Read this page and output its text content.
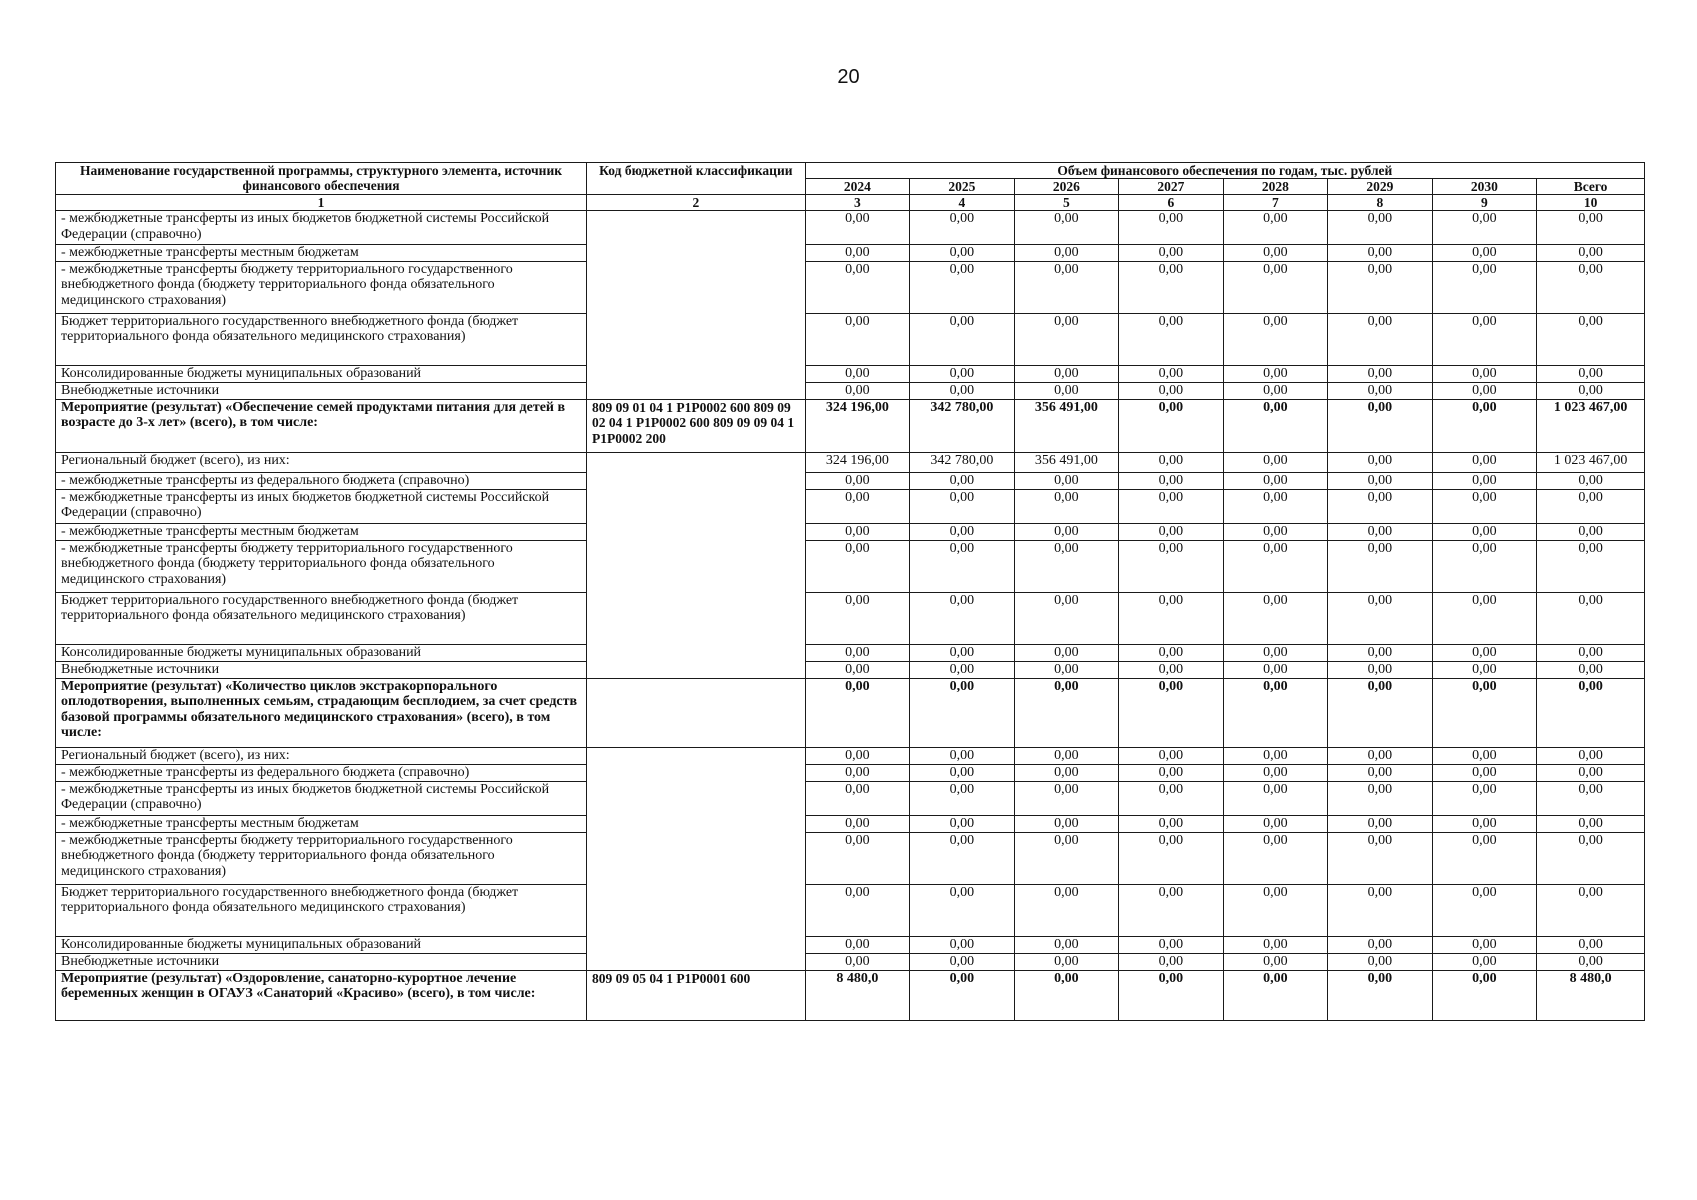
20
Наименование государственной программы, структурного элемента, источник финансового обеспечения	Код бюджетной классификации	Объем финансового обеспечения по годам, тыс. рублей							
		2024	2025	2026	2027	2028	2029	2030	Всего
1	2	3	4	5	6	7	8	9	10
- межбюджетные трансферты из иных бюджетов бюджетной системы Российской Федерации (справочно)		0,00	0,00	0,00	0,00	0,00	0,00	0,00	0,00
- межбюджетные трансферты местным бюджетам		0,00	0,00	0,00	0,00	0,00	0,00	0,00	0,00
- межбюджетные трансферты бюджету территориального государственного внебюджетного фонда (бюджету территориального фонда обязательного медицинского страхования)		0,00	0,00	0,00	0,00	0,00	0,00	0,00	0,00
Бюджет территориального государственного внебюджетного фонда (бюджет территориального фонда обязательного медицинского страхования)		0,00	0,00	0,00	0,00	0,00	0,00	0,00	0,00
Консолидированные бюджеты муниципальных образований		0,00	0,00	0,00	0,00	0,00	0,00	0,00	0,00
Внебюджетные источники		0,00	0,00	0,00	0,00	0,00	0,00	0,00	0,00
Мероприятие (результат) «Обеспечение семей продуктами питания для детей в возрасте до 3-х лет» (всего), в том числе:	809 09 01 04 1 P1P0002 600 809 09 02 04 1 P1P0002 600 809 09 09 04 1 P1P0002 200	324 196,00	342 780,00	356 491,00	0,00	0,00	0,00	0,00	1 023 467,00
Региональный бюджет (всего), из них:		324 196,00	342 780,00	356 491,00	0,00	0,00	0,00	0,00	1 023 467,00
- межбюджетные трансферты из федерального бюджета (справочно)		0,00	0,00	0,00	0,00	0,00	0,00	0,00	0,00
- межбюджетные трансферты из иных бюджетов бюджетной системы Российской Федерации (справочно)		0,00	0,00	0,00	0,00	0,00	0,00	0,00	0,00
- межбюджетные трансферты местным бюджетам		0,00	0,00	0,00	0,00	0,00	0,00	0,00	0,00
- межбюджетные трансферты бюджету территориального государственного внебюджетного фонда (бюджету территориального фонда обязательного медицинского страхования)		0,00	0,00	0,00	0,00	0,00	0,00	0,00	0,00
Бюджет территориального государственного внебюджетного фонда (бюджет территориального фонда обязательного медицинского страхования)		0,00	0,00	0,00	0,00	0,00	0,00	0,00	0,00
Консолидированные бюджеты муниципальных образований		0,00	0,00	0,00	0,00	0,00	0,00	0,00	0,00
Внебюджетные источники		0,00	0,00	0,00	0,00	0,00	0,00	0,00	0,00
Мероприятие (результат) «Количество циклов экстракорпорального оплодотворения, выполненных семьям, страдающим бесплодием, за счет средств базовой программы обязательного медицинского страхования» (всего), в том числе:		0,00	0,00	0,00	0,00	0,00	0,00	0,00	0,00
Региональный бюджет (всего), из них:		0,00	0,00	0,00	0,00	0,00	0,00	0,00	0,00
- межбюджетные трансферты из федерального бюджета (справочно)		0,00	0,00	0,00	0,00	0,00	0,00	0,00	0,00
- межбюджетные трансферты из иных бюджетов бюджетной системы Российской Федерации (справочно)		0,00	0,00	0,00	0,00	0,00	0,00	0,00	0,00
- межбюджетные трансферты местным бюджетам		0,00	0,00	0,00	0,00	0,00	0,00	0,00	0,00
- межбюджетные трансферты бюджету территориального государственного внебюджетного фонда (бюджету территориального фонда обязательного медицинского страхования)		0,00	0,00	0,00	0,00	0,00	0,00	0,00	0,00
Бюджет территориального государственного внебюджетного фонда (бюджет территориального фонда обязательного медицинского страхования)		0,00	0,00	0,00	0,00	0,00	0,00	0,00	0,00
Консолидированные бюджеты муниципальных образований		0,00	0,00	0,00	0,00	0,00	0,00	0,00	0,00
Внебюджетные источники		0,00	0,00	0,00	0,00	0,00	0,00	0,00	0,00
Мероприятие (результат) «Оздоровление, санаторно-курортное лечение беременных женщин в ОГАУЗ «Санаторий «Красиво» (всего), в том числе:	809 09 05 04 1 P1P0001 600	8 480,0	0,00	0,00	0,00	0,00	0,00	0,00	8 480,0
